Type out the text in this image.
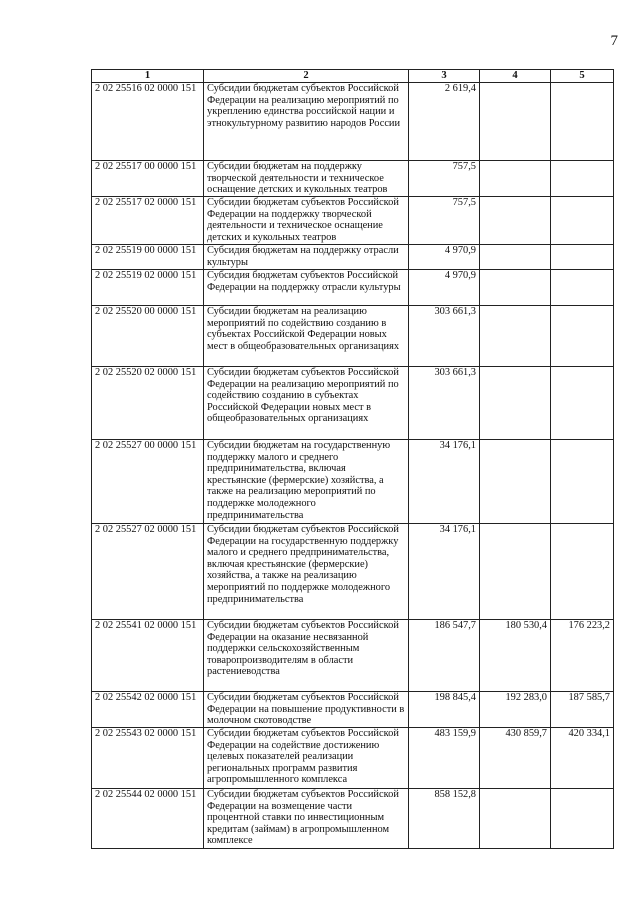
7
1	2	3	4	5
2 02 25516 02 0000 151	Субсидии бюджетам субъектов Российской Федерации на реализацию мероприятий по укреплению единства российской нации и этнокультурному развитию народов России	2 619,4		
2 02 25517 00 0000 151	Субсидии бюджетам на поддержку творческой деятельности и техническое оснащение детских и кукольных театров	757,5		
2 02 25517 02 0000 151	Субсидии бюджетам субъектов Российской Федерации на поддержку творческой деятельности и техническое оснащение детских и кукольных театров	757,5		
2 02 25519 00 0000 151	Субсидия бюджетам на поддержку отрасли культуры	4 970,9		
2 02 25519 02 0000 151	Субсидия бюджетам субъектов Российской Федерации на поддержку отрасли культуры	4 970,9		
2 02 25520 00 0000 151	Субсидии бюджетам на реализацию мероприятий по содействию созданию в субъектах Российской Федерации новых мест в общеобразовательных организациях	303 661,3		
2 02 25520 02 0000 151	Субсидии бюджетам субъектов Российской Федерации на реализацию мероприятий по содействию созданию в субъектах Российской Федерации новых мест в общеобразовательных организациях	303 661,3		
2 02 25527 00 0000 151	Субсидии бюджетам на государственную поддержку малого и среднего предпринимательства, включая крестьянские (фермерские) хозяйства, а также на реализацию мероприятий по поддержке молодежного предпринимательства	34 176,1		
2 02 25527 02 0000 151	Субсидии бюджетам субъектов Российской Федерации на государственную поддержку малого и среднего предпринимательства, включая крестьянские (фермерские) хозяйства, а также на реализацию мероприятий по поддержке молодежного предпринимательства	34 176,1		
2 02 25541 02 0000 151	Субсидии бюджетам субъектов Российской Федерации на оказание несвязанной поддержки сельскохозяйственным товаропроизводителям в области растениеводства	186 547,7	180 530,4	176 223,2
2 02 25542 02 0000 151	Субсидии бюджетам субъектов Российской Федерации на повышение продуктивности в молочном скотоводстве	198 845,4	192 283,0	187 585,7
2 02 25543 02 0000 151	Субсидии бюджетам субъектов Российской Федерации на содействие достижению целевых показателей реализации региональных программ развития агропромышленного комплекса	483 159,9	430 859,7	420 334,1
2 02 25544 02 0000 151	Субсидии бюджетам субъектов Российской Федерации на возмещение части процентной ставки по инвестиционным кредитам (займам) в агропромышленном комплексе	858 152,8		
